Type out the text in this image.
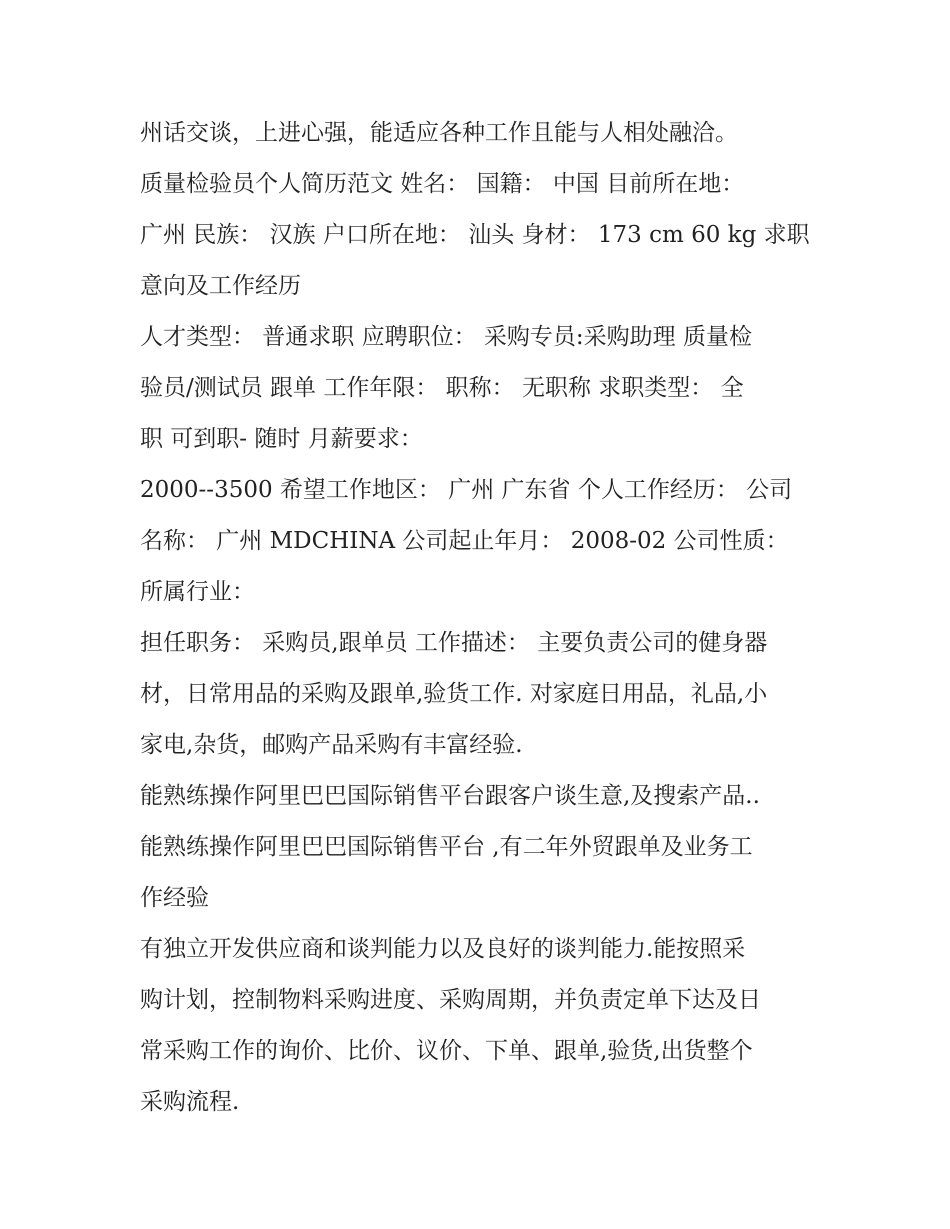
州话交谈，上进心强，能适应各种工作且能与人相处融洽。
质量检验员个人简历范文 姓名： 国籍： 中国 目前所在地：
广州 民族： 汉族 户口所在地： 汕头 身材： 173 cm 60 kg 求职
意向及工作经历
人才类型： 普通求职 应聘职位： 采购专员:采购助理 质量检
验员/测试员 跟单 工作年限： 职称： 无职称 求职类型： 全
职 可到职- 随时 月薪要求：
2000--3500 希望工作地区： 广州 广东省 个人工作经历： 公司
名称： 广州 MDCHINA 公司起止年月： 2008-02 公司性质：
所属行业：
担任职务： 采购员,跟单员 工作描述： 主要负责公司的健身器
材，日常用品的采购及跟单,验货工作. 对家庭日用品，礼品,小
家电,杂货，邮购产品采购有丰富经验.
能熟练操作阿里巴巴国际销售平台跟客户谈生意,及搜索产品..
能熟练操作阿里巴巴国际销售平台 ,有二年外贸跟单及业务工
作经验
有独立开发供应商和谈判能力以及良好的谈判能力.能按照采
购计划，控制物料采购进度、采购周期，并负责定单下达及日
常采购工作的询价、比价、议价、下单、跟单,验货,出货整个
采购流程.
